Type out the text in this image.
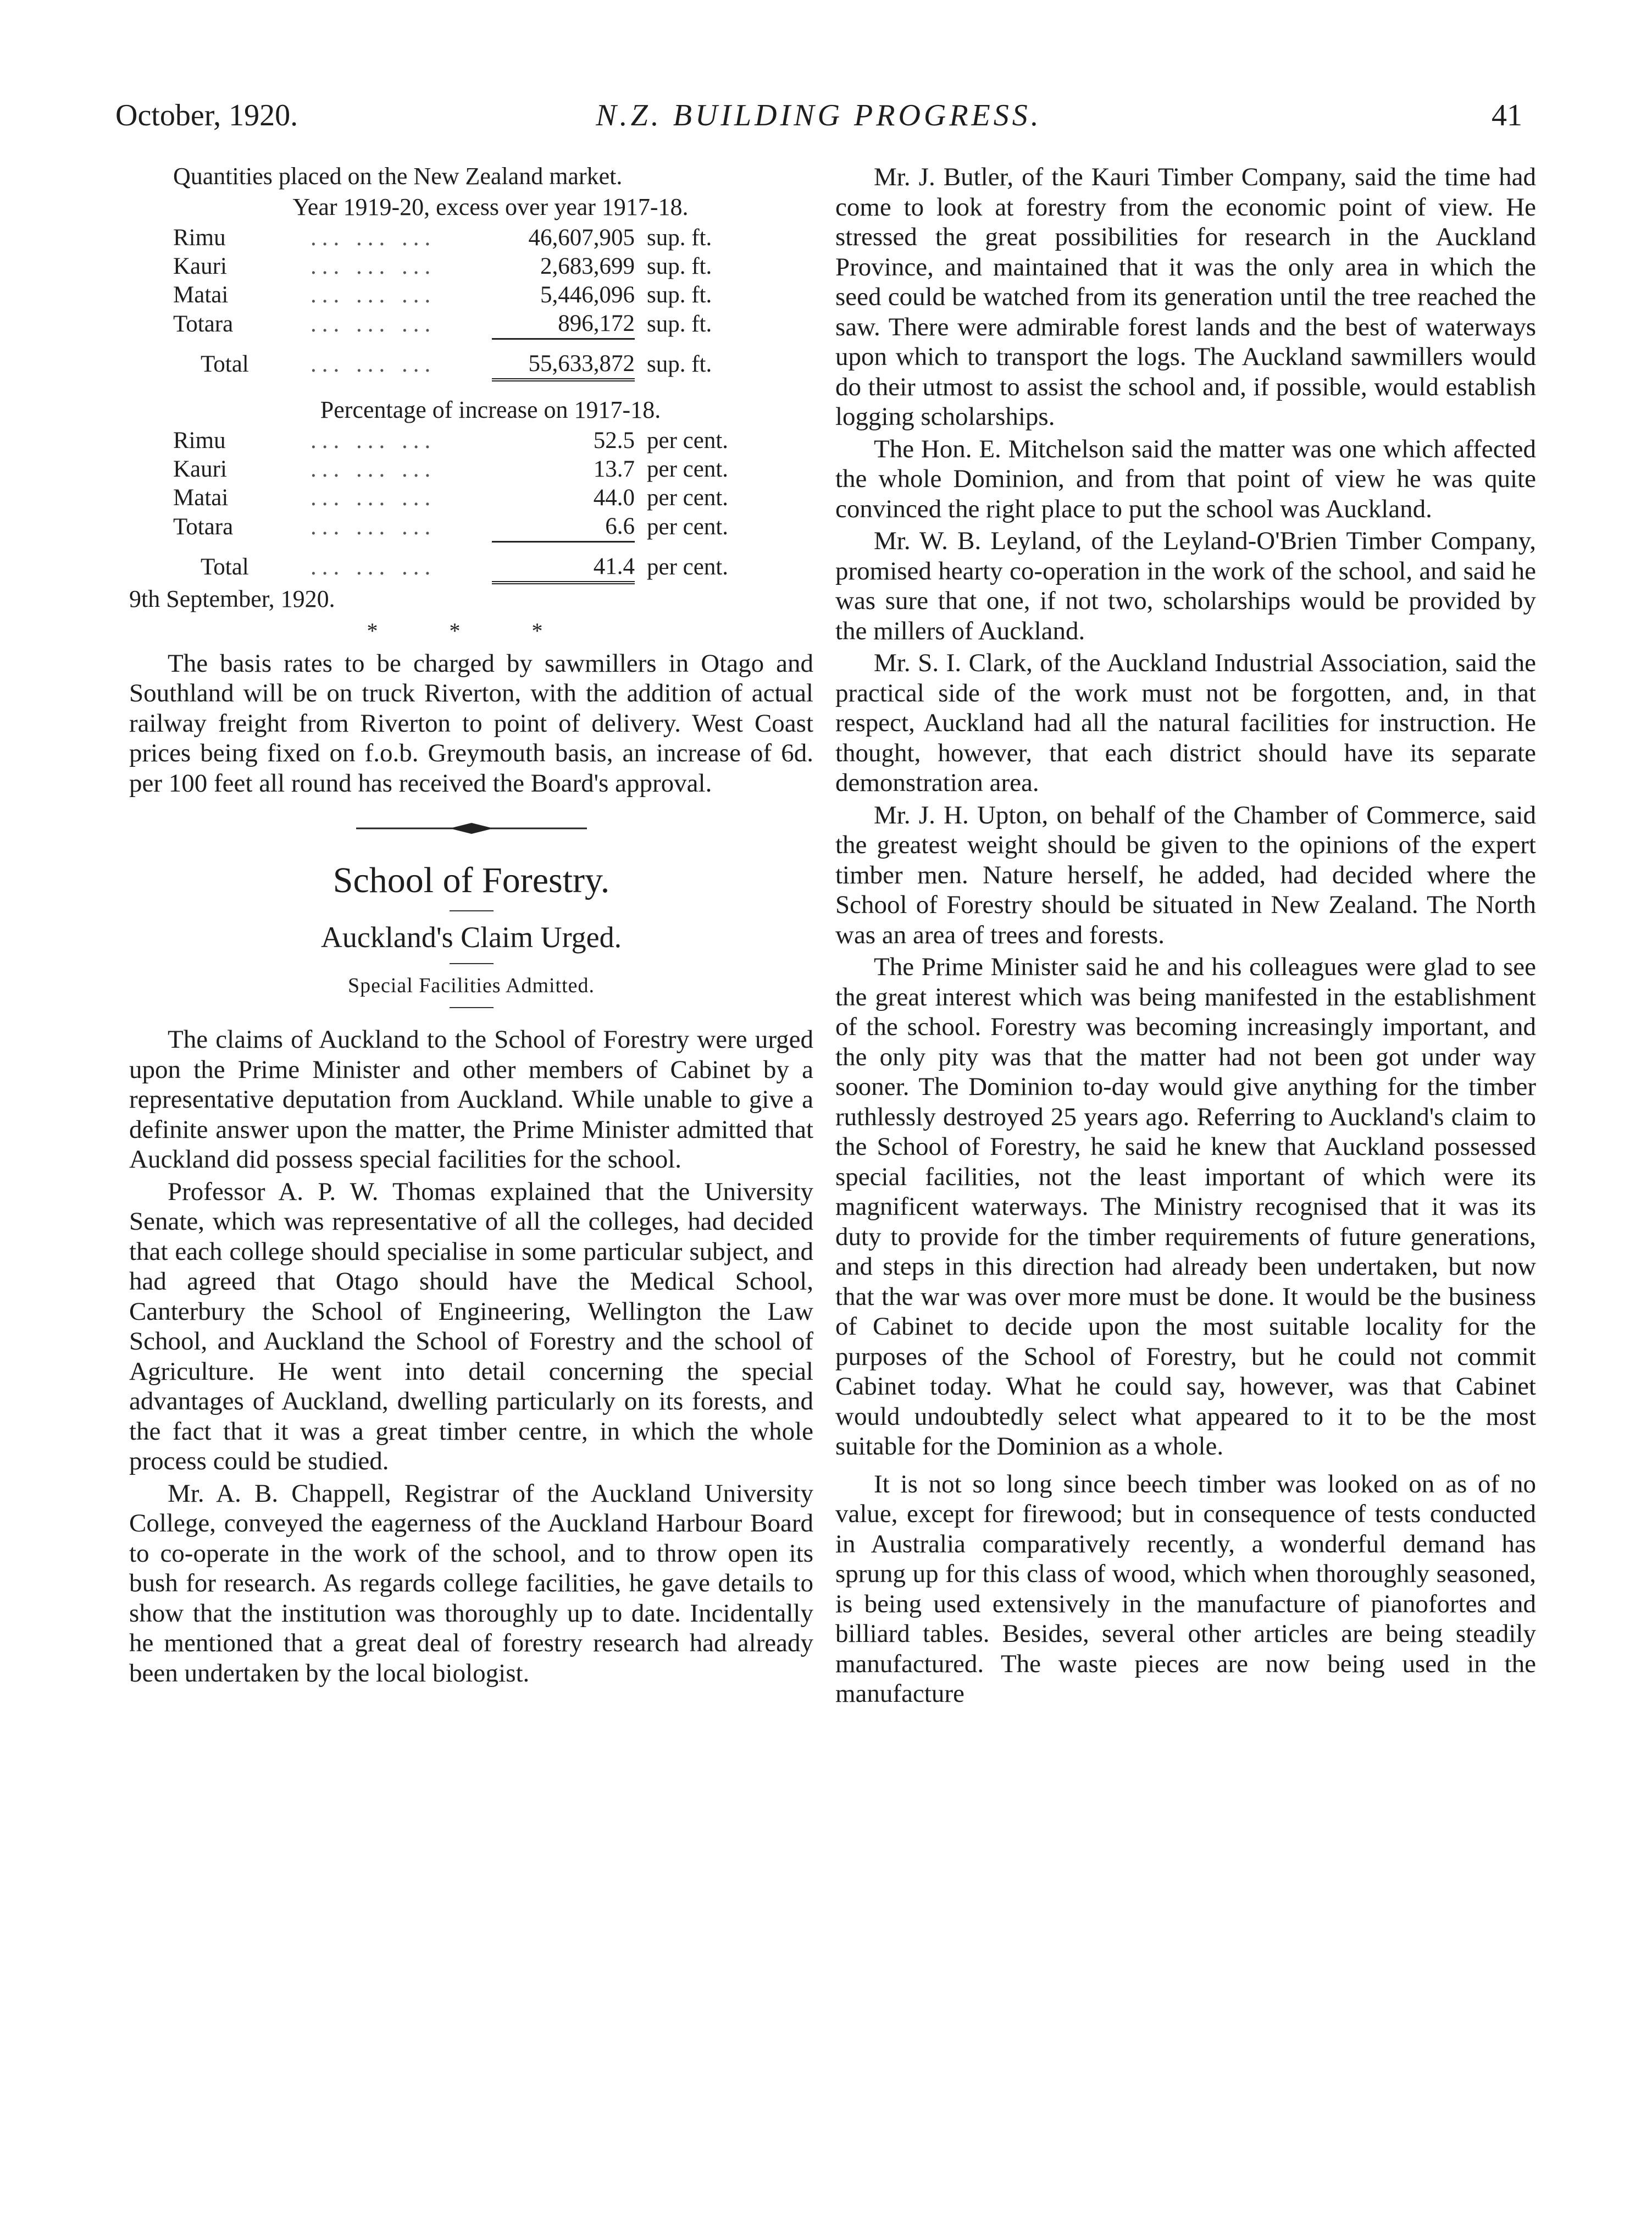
October, 1920.	N.Z. BUILDING PROGRESS.	41

Quantities placed on the New Zealand market.

Year 1919-20, excess over year 1917-18.

Rimu	... ... ...	46,607,905	sup. ft.
Kauri	... ... ...	2,683,699	sup. ft.
Matai	... ... ...	5,446,096	sup. ft.
Totara	... ... ...	896,172	sup. ft.
Total	... ... ...	55,633,872	sup. ft.

Percentage of increase on 1917-18.

Rimu	... ... ...	52.5	per cent.
Kauri	... ... ...	13.7	per cent.
Matai	... ... ...	44.0	per cent.
Totara	... ... ...	6.6	per cent.
Total	... ... ...	41.4	per cent.

9th September, 1920.

* * *

The basis rates to be charged by sawmillers in Otago and Southland will be on truck Riverton, with the addition of actual railway freight from Riverton to point of delivery. West Coast prices being fixed on f.o.b. Greymouth basis, an increase of 6d. per 100 feet all round has received the Board's approval.

School of Forestry.

Auckland's Claim Urged.

Special Facilities Admitted.

The claims of Auckland to the School of Forestry were urged upon the Prime Minister and other members of Cabinet by a representative deputation from Auckland. While unable to give a definite answer upon the matter, the Prime Minister admitted that Auckland did possess special facilities for the school.

Professor A. P. W. Thomas explained that the University Senate, which was representative of all the colleges, had decided that each college should specialise in some particular subject, and had agreed that Otago should have the Medical School, Canterbury the School of Engineering, Wellington the Law School, and Auckland the School of Forestry and the school of Agriculture. He went into detail concerning the special advantages of Auckland, dwelling particularly on its forests, and the fact that it was a great timber centre, in which the whole process could be studied.

Mr. A. B. Chappell, Registrar of the Auckland University College, conveyed the eagerness of the Auckland Harbour Board to co-operate in the work of the school, and to throw open its bush for research. As regards college facilities, he gave details to show that the institution was thoroughly up to date. Incidentally he mentioned that a great deal of forestry research had already been undertaken by the local biologist.

Mr. J. Butler, of the Kauri Timber Company, said the time had come to look at forestry from the economic point of view. He stressed the great possibilities for research in the Auckland Province, and maintained that it was the only area in which the seed could be watched from its generation until the tree reached the saw. There were admirable forest lands and the best of waterways upon which to transport the logs. The Auckland sawmillers would do their utmost to assist the school and, if possible, would establish logging scholarships.

The Hon. E. Mitchelson said the matter was one which affected the whole Dominion, and from that point of view he was quite convinced the right place to put the school was Auckland.

Mr. W. B. Leyland, of the Leyland-O'Brien Timber Company, promised hearty co-operation in the work of the school, and said he was sure that one, if not two, scholarships would be provided by the millers of Auckland.

Mr. S. I. Clark, of the Auckland Industrial Association, said the practical side of the work must not be forgotten, and, in that respect, Auckland had all the natural facilities for instruction. He thought, however, that each district should have its separate demonstration area.

Mr. J. H. Upton, on behalf of the Chamber of Commerce, said the greatest weight should be given to the opinions of the expert timber men. Nature herself, he added, had decided where the School of Forestry should be situated in New Zealand. The North was an area of trees and forests.

The Prime Minister said he and his colleagues were glad to see the great interest which was being manifested in the establishment of the school. Forestry was becoming increasingly important, and the only pity was that the matter had not been got under way sooner. The Dominion to-day would give anything for the timber ruthlessly destroyed 25 years ago. Referring to Auckland's claim to the School of Forestry, he said he knew that Auckland possessed special facilities, not the least important of which were its magnificent waterways. The Ministry recognised that it was its duty to provide for the timber requirements of future generations, and steps in this direction had already been undertaken, but now that the war was over more must be done. It would be the business of Cabinet to decide upon the most suitable locality for the purposes of the School of Forestry, but he could not commit Cabinet today. What he could say, however, was that Cabinet would undoubtedly select what appeared to it to be the most suitable for the Dominion as a whole.

It is not so long since beech timber was looked on as of no value, except for firewood; but in consequence of tests conducted in Australia comparatively recently, a wonderful demand has sprung up for this class of wood, which when thoroughly seasoned, is being used extensively in the manufacture of pianofortes and billiard tables. Besides, several other articles are being steadily manufactured. The waste pieces are now being used in the manufacture
